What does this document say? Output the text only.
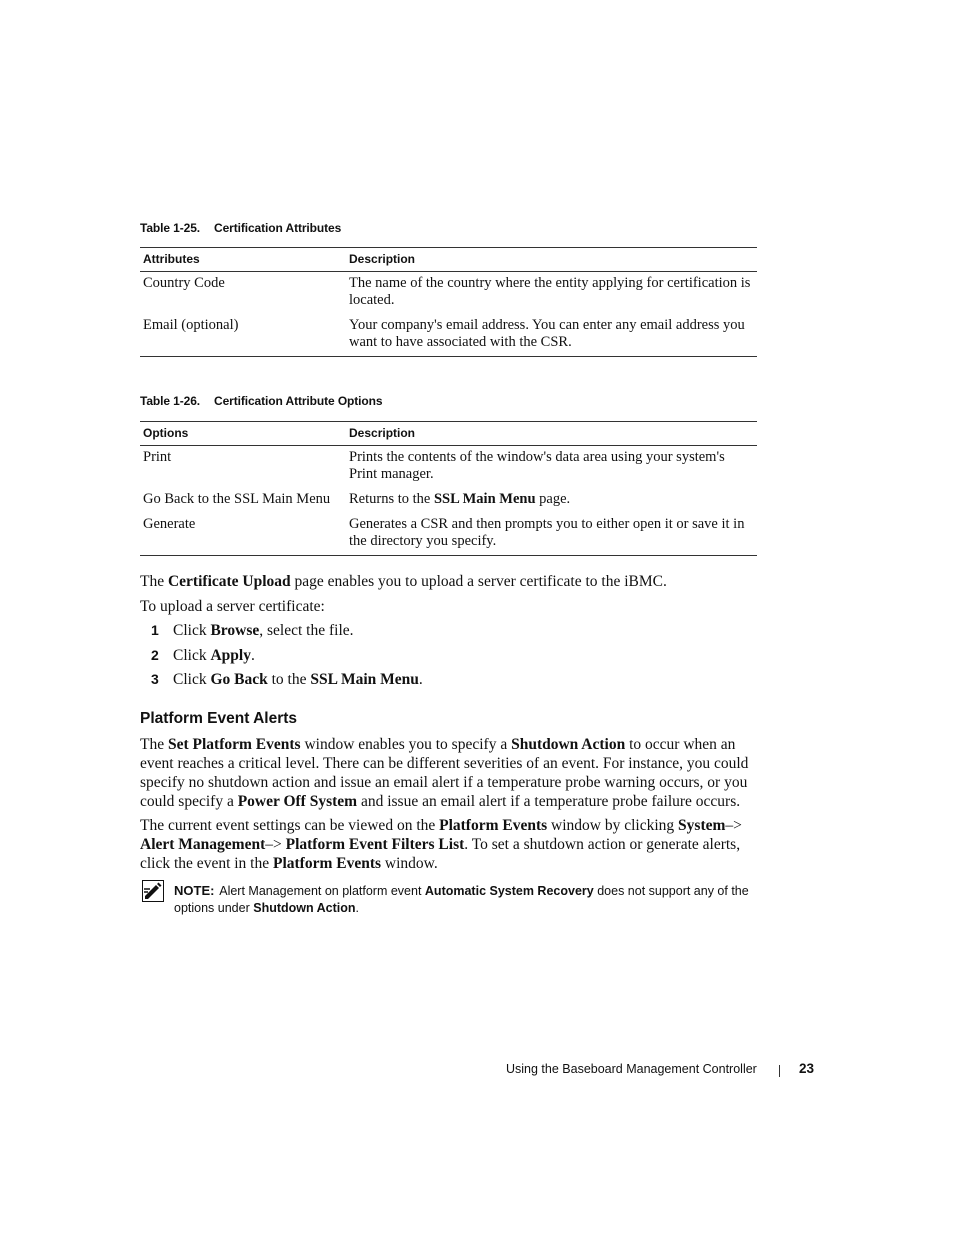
Table 1-25. Certification Attributes
Attributes	Description
Country Code	The name of the country where the entity applying for certification is located.
Email (optional)	Your company's email address. You can enter any email address you want to have associated with the CSR.
Table 1-26. Certification Attribute Options
Options	Description
Print	Prints the contents of the window's data area using your system's Print manager.
Go Back to the SSL Main Menu	Returns to the SSL Main Menu page.
Generate	Generates a CSR and then prompts you to either open it or save it in the directory you specify.
The Certificate Upload page enables you to upload a server certificate to the iBMC.
To upload a server certificate:
1 Click Browse, select the file.
2 Click Apply.
3 Click Go Back to the SSL Main Menu.
Platform Event Alerts
The Set Platform Events window enables you to specify a Shutdown Action to occur when an event reaches a critical level. There can be different severities of an event. For instance, you could specify no shutdown action and issue an email alert if a temperature probe warning occurs, or you could specify a Power Off System and issue an email alert if a temperature probe failure occurs.
The current event settings can be viewed on the Platform Events window by clicking System–> Alert Management–> Platform Event Filters List. To set a shutdown action or generate alerts, click the event in the Platform Events window.
NOTE: Alert Management on platform event Automatic System Recovery does not support any of the options under Shutdown Action.
Using the Baseboard Management Controller	23
